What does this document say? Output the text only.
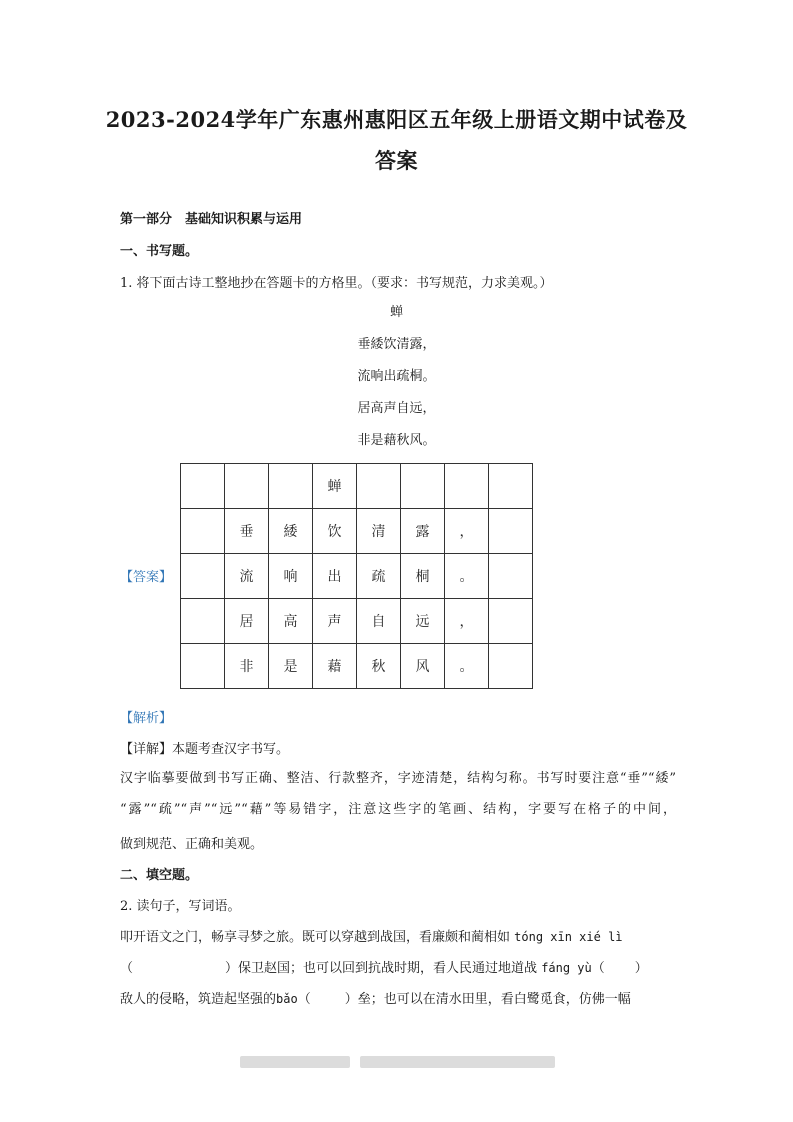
2023-2024学年广东惠州惠阳区五年级上册语文期中试卷及
答案
第一部分　基础知识积累与运用
一、书写题。
1. 将下面古诗工整地抄在答题卡的方格里。（要求：书写规范，力求美观。）
蝉
垂緌饮清露，
流响出疏桐。
居高声自远，
非是藉秋风。
【答案】
			蝉				
	垂	緌	饮	清	露	，	
	流	响	出	疏	桐	。	
	居	高	声	自	远	，	
	非	是	藉	秋	风	。	
【解析】
【详解】本题考查汉字书写。
汉字临摹要做到书写正确、整洁、行款整齐，字迹清楚，结构匀称。书写时要注意“垂”“緌”
“露”“疏”“声”“远”“藉”等易错字，注意这些字的笔画、结构，字要写在格子的中间，
做到规范、正确和美观。
二、填空题。
2. 读句子，写词语。
叩开语文之门，畅享寻梦之旅。既可以穿越到战国，看廉颇和蔺相如 tóng xīn xié lì
（	）保卫赵国；也可以回到抗战时期，看人民通过地道战 fáng yù（ ）
敌人的侵略，筑造起坚强的bǎo（	）垒；也可以在清水田里，看白鹭觅食，仿佛一幅
